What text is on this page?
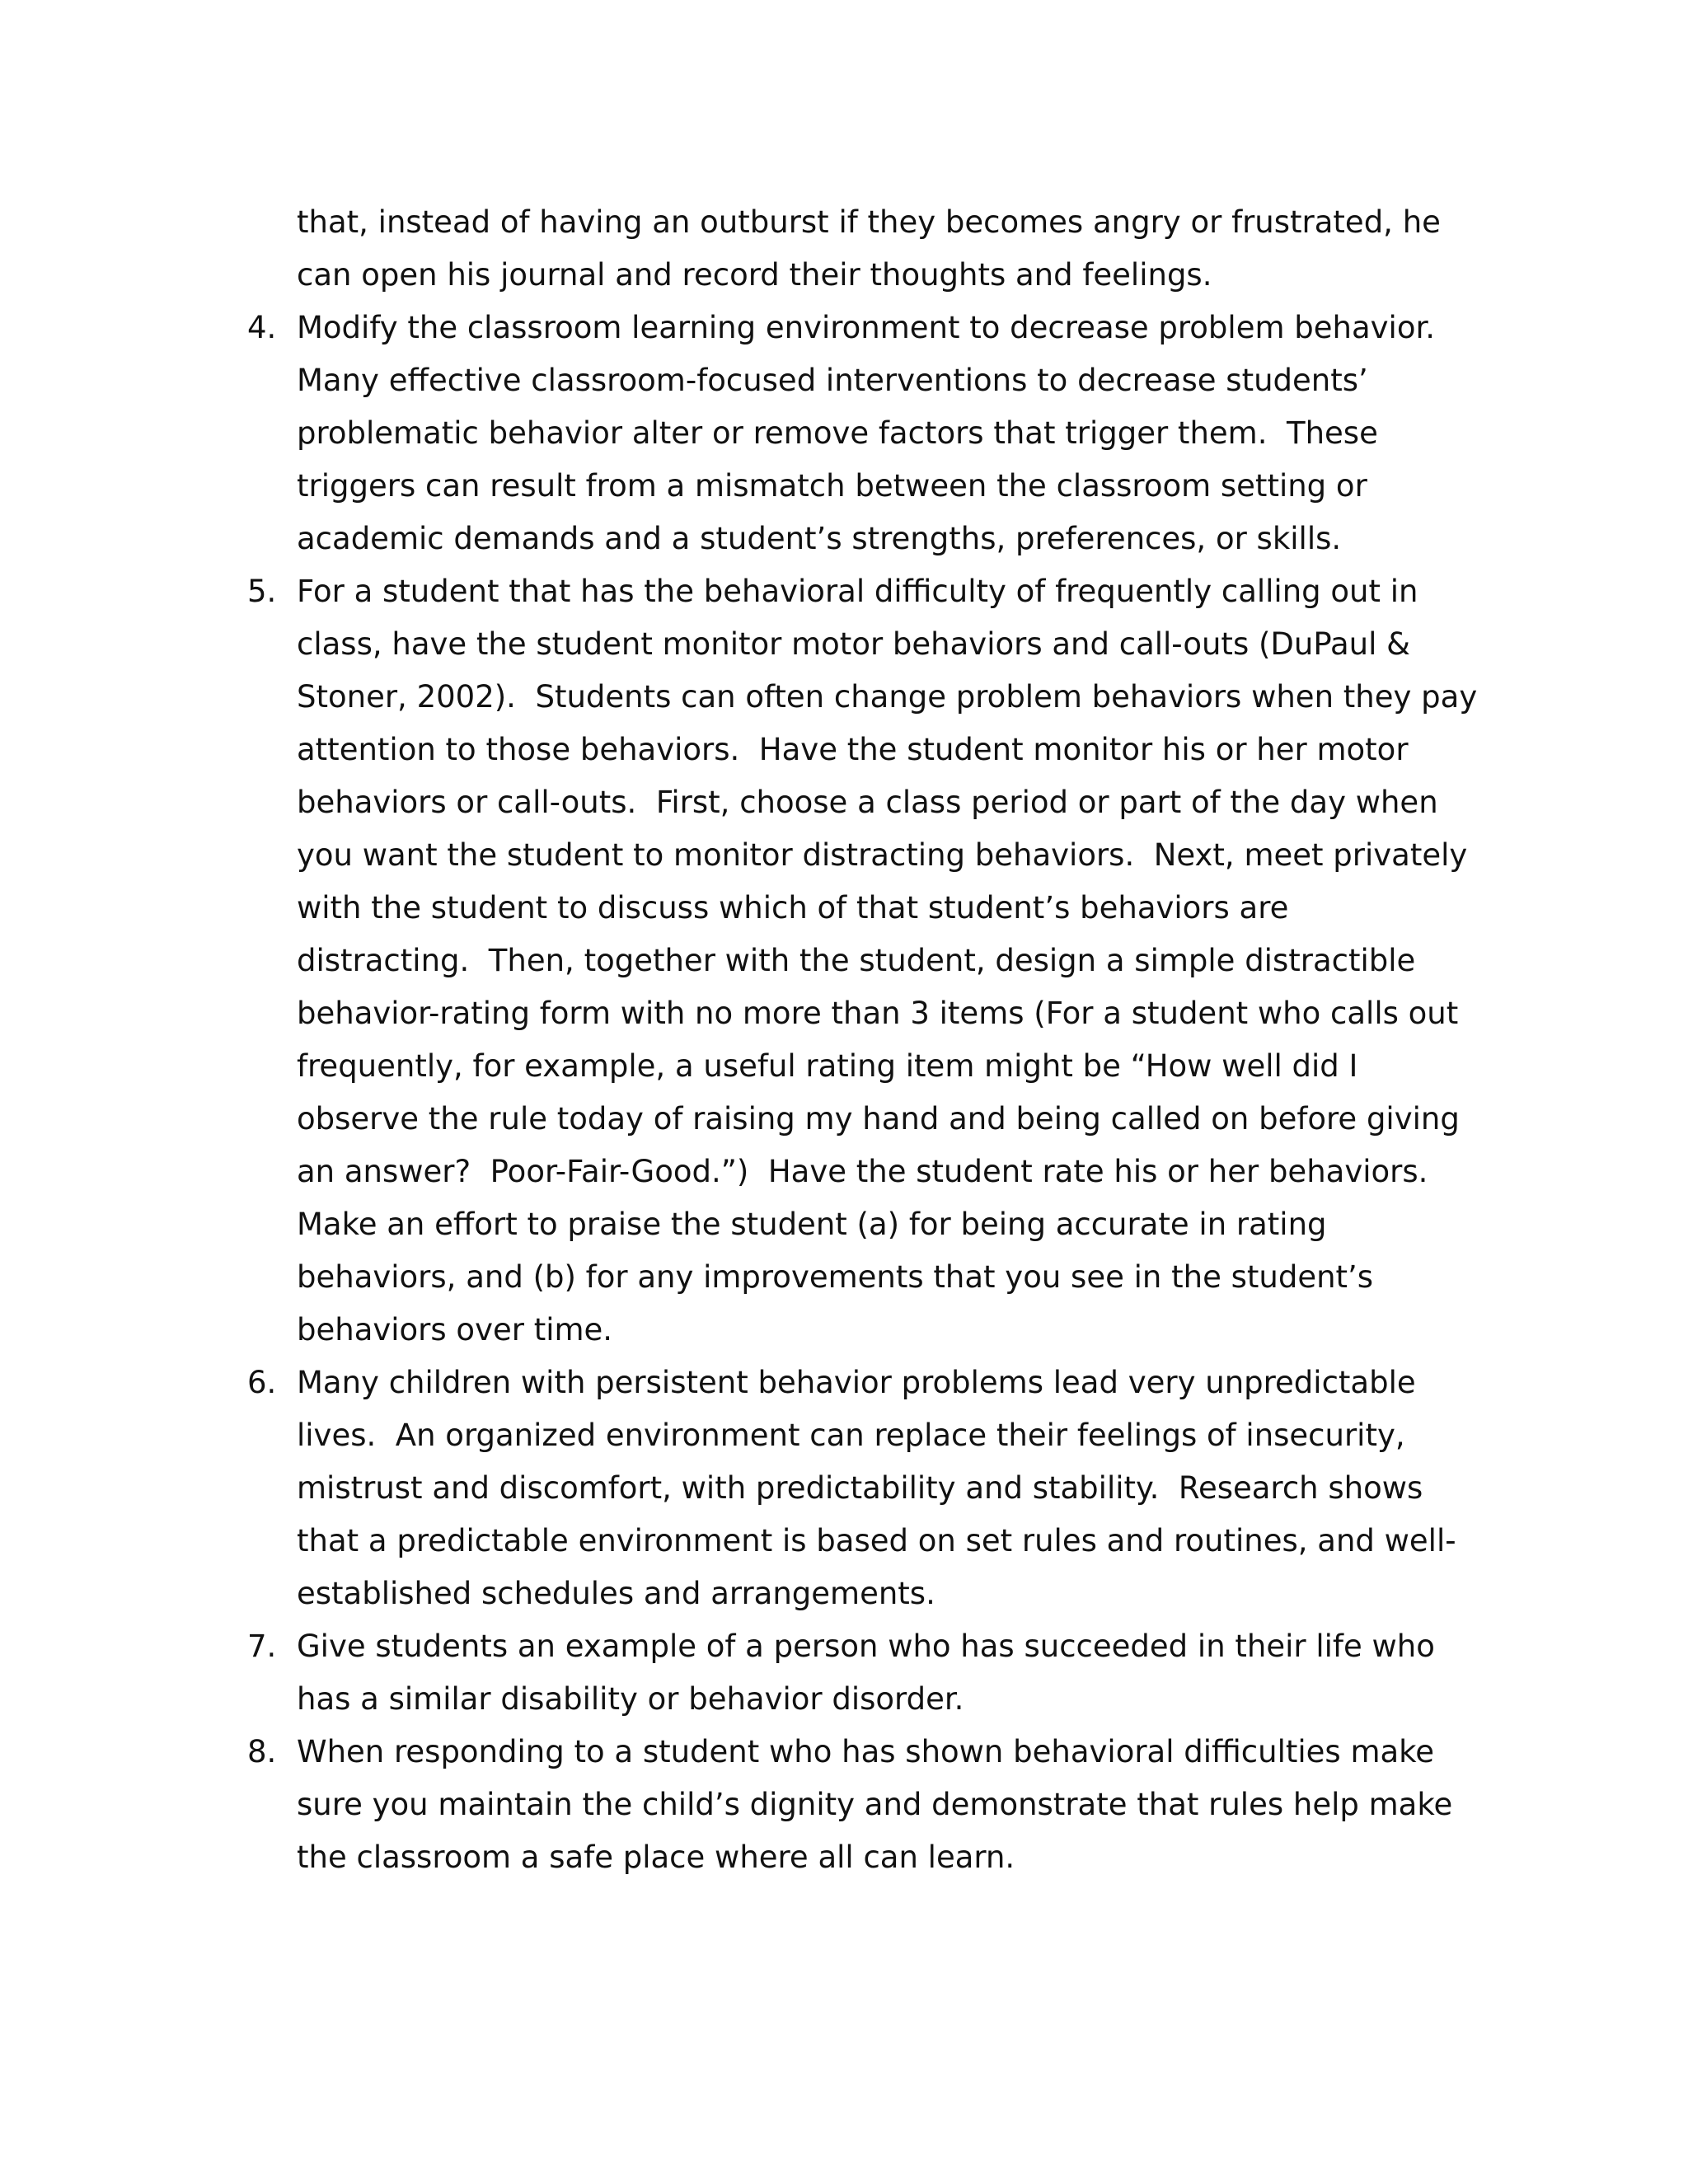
that, instead of having an outburst if they becomes angry or frustrated, he
can open his journal and record their thoughts and feelings.
4. Modify the classroom learning environment to decrease problem behavior.
Many effective classroom-focused interventions to decrease students’
problematic behavior alter or remove factors that trigger them.  These
triggers can result from a mismatch between the classroom setting or
academic demands and a student’s strengths, preferences, or skills.
5. For a student that has the behavioral difficulty of frequently calling out in
class, have the student monitor motor behaviors and call-outs (DuPaul &
Stoner, 2002).  Students can often change problem behaviors when they pay
attention to those behaviors.  Have the student monitor his or her motor
behaviors or call-outs.  First, choose a class period or part of the day when
you want the student to monitor distracting behaviors.  Next, meet privately
with the student to discuss which of that student’s behaviors are
distracting.  Then, together with the student, design a simple distractible
behavior-rating form with no more than 3 items (For a student who calls out
frequently, for example, a useful rating item might be “How well did I
observe the rule today of raising my hand and being called on before giving
an answer?  Poor-Fair-Good.”)  Have the student rate his or her behaviors.
Make an effort to praise the student (a) for being accurate in rating
behaviors, and (b) for any improvements that you see in the student’s
behaviors over time.
6. Many children with persistent behavior problems lead very unpredictable
lives.  An organized environment can replace their feelings of insecurity,
mistrust and discomfort, with predictability and stability.  Research shows
that a predictable environment is based on set rules and routines, and well-
established schedules and arrangements.
7. Give students an example of a person who has succeeded in their life who
has a similar disability or behavior disorder.
8. When responding to a student who has shown behavioral difficulties make
sure you maintain the child’s dignity and demonstrate that rules help make
the classroom a safe place where all can learn.
